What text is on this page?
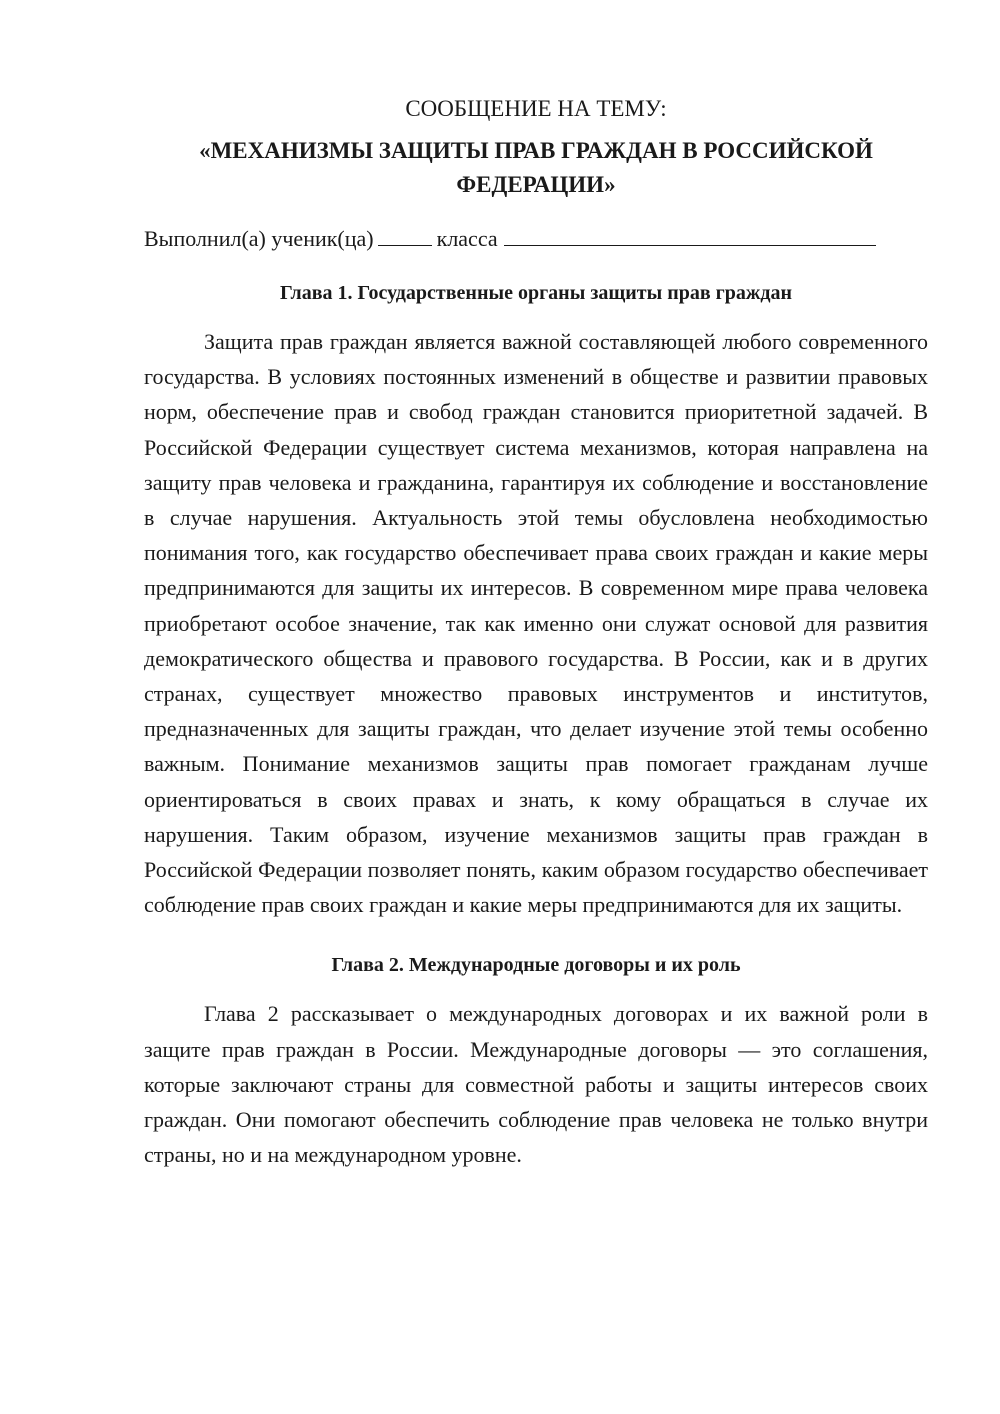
СООБЩЕНИЕ НА ТЕМУ:

«МЕХАНИЗМЫ ЗАЩИТЫ ПРАВ ГРАЖДАН В РОССИЙСКОЙ ФЕДЕРАЦИИ»

Выполнил(а) ученик(ца)	класса

Глава 1. Государственные органы защиты прав граждан

Защита прав граждан является важной составляющей любого современного государства. В условиях постоянных изменений в обществе и развитии правовых норм, обеспечение прав и свобод граждан становится приоритетной задачей. В Российской Федерации существует система механизмов, которая направлена на защиту прав человека и гражданина, гарантируя их соблюдение и восстановление в случае нарушения. Актуальность этой темы обусловлена необходимостью понимания того, как государство обеспечивает права своих граждан и какие меры предпринимаются для защиты их интересов. В современном мире права человека приобретают особое значение, так как именно они служат основой для развития демократического общества и правового государства. В России, как и в других странах, существует множество правовых инструментов и институтов, предназначенных для защиты граждан, что делает изучение этой темы особенно важным. Понимание механизмов защиты прав помогает гражданам лучше ориентироваться в своих правах и знать, к кому обращаться в случае их нарушения. Таким образом, изучение механизмов защиты прав граждан в Российской Федерации позволяет понять, каким образом государство обеспечивает соблюдение прав своих граждан и какие меры предпринимаются для их защиты.

Глава 2. Международные договоры и их роль

Глава 2 рассказывает о международных договорах и их важной роли в защите прав граждан в России. Международные договоры — это соглашения, которые заключают страны для совместной работы и защиты интересов своих граждан. Они помогают обеспечить соблюдение прав человека не только внутри страны, но и на международном уровне.
